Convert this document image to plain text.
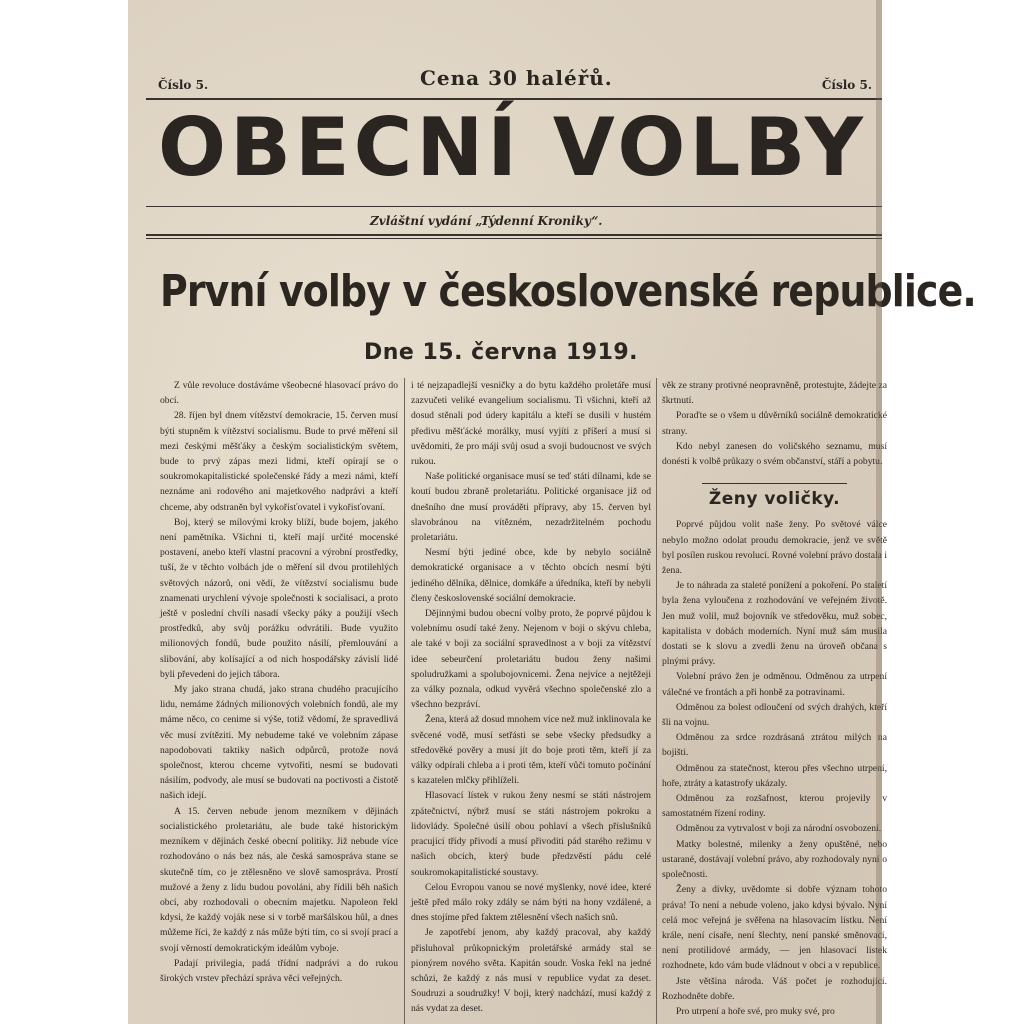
Číslo 5.	Cena 30 haléřů.	Číslo 5.
OBECNÍ VOLBY
Zvláštní vydání „Týdenní Kroniky“.
První volby v československé republice.
Dne 15. června 1919.

Z vůle revoluce dostáváme všeobecné hlasovací právo do obcí.

28. říjen byl dnem vítězství demokracie, 15. červen musí býti stupněm k vítězství socialismu. Bude to prvé měření sil mezi českými měšťáky a českým socialistickým světem, bude to prvý zápas mezi lidmi, kteří opírají se o soukromokapitalistické společenské řády a mezi námi, kteří neznáme ani rodového ani majetkového nadprávi a kteří chceme, aby odstraněn byl vykořisťovatel i vykořisťovaní.

Boj, který se mílovými kroky blíží, bude bojem, jakého není pamětníka. Všichni ti, kteří mají určité mocenské postavení, anebo kteří vlastní pracovní a výrobní prostředky, tuší, že v těchto volbách jde o měření sil dvou protilehlých světových názorů, oni vědí, že vítězství socialismu bude znamenati urychlení vývoje společnosti k socialisaci, a proto ještě v poslední chvíli nasadí všecky páky a použijí všech prostředků, aby svůj porážku odvrátili. Bude využito milionových fondů, bude použito násilí, přemlouvání a slibování, aby kolísající a od nich hospodářsky závislí lidé byli převedeni do jejich tábora.

My jako strana chudá, jako strana chudého pracujícího lidu, nemáme žádných milionových volebních fondů, ale my máme něco, co cenime si výše, totiž vědomí, že spravedlivá věc musí zvítěziti. My nebudeme také ve volebním zápase napodobovati taktiky našich odpůrců, protože nová společnost, kterou chceme vytvořiti, nesmí se budovati násilím, podvody, ale musí se budovati na poctivosti a čistotě našich idejí.

A 15. červen nebude jenom mezníkem v dějinách socialistického proletariátu, ale bude také historickým mezníkem v dějinách české obecní politiky. Již nebude více rozhodováno o nás bez nás, ale česká samospráva stane se skutečně tím, co je ztělesněno ve slově samospráva. Prostí mužové a ženy z lidu budou povoláni, aby řídili běh našich obcí, aby rozhodovali o obecním majetku. Napoleon řekl kdysi, že každý voják nese si v torbě maršálskou hůl, a dnes můžeme říci, že každý z nás může býti tím, co si svojí prací a svojí věrností demokratickým ideálům vyboje.

Padají privilegia, padá třídní nadprávi a do rukou širokých vrstev přechází správa věcí veřejných.

i té nejzapadlejší vesničky a do bytu každého proletáře musí zazvučeti veliké evangelium socialismu. Ti všichni, kteří až dosud stěnali pod údery kapitálu a kteří se dusili v hustém předivu měšťácké morálky, musí vyjíti z příšerí a musí si uvědomiti, že pro máji svůj osud a svoji budoucnost ve svých rukou.

Naše politické organisace musí se teď státi dílnami, kde se koutí budou zbraně proletariátu. Politické organisace již od dnešního dne musí prováděti přípravy, aby 15. červen byl slavobránou na vítězném, nezadržitelném pochodu proletariátu.

Nesmí býti jediné obce, kde by nebylo sociálně demokratické organisace a v těchto obcích nesmí býti jediného dělníka, dělnice, domkáře a úředníka, kteří by nebyli členy československé sociální demokracie.

Dějinnými budou obecní volby proto, že poprvé půjdou k volebnímu osudí také ženy. Nejenom v boji o skývu chleba, ale také v boji za sociální spravedlnost a v boji za vítězství idee sebeurčení proletariátu budou ženy našimi spoludružkami a spolubojovnicemi. Žena nejvíce a nejtěžeji za války poznala, odkud vyvěrá všechno společenské zlo a všechno bezpráví.

Žena, která až dosud mnohem více než muž inklinovala ke svěcené vodě, musí setřásti se sebe všecky předsudky a středověké pověry a musí jít do boje proti těm, kteří jí za války odpírali chleba a i proti těm, kteří vůči tomuto počínání s kazatelen mlčky přihlíželi.

Hlasovací lístek v rukou ženy nesmí se státi nástrojem zpátečnictví, nýbrž musí se státi nástrojem pokroku a lidovlády. Společné úsilí obou pohlaví a všech příslušníků pracující třídy přivodí a musí přivoditi pád starého režimu v našich obcích, který bude předzvěstí pádu celé soukromokapitalistické soustavy.

Celou Evropou vanou se nové myšlenky, nové idee, které ještě před málo roky zdály se nám býti na hony vzdálené, a dnes stojíme před faktem ztělesnění všech našich snů.

Je zapotřebí jenom, aby každý pracoval, aby každý přisluhoval průkopnickým proletářské armády stal se pionýrem nového světa. Kapitán soudr. Voska řekl na jedné schůzi, že každý z nás musí v republice vydat za deset. Soudruzi a soudružky! V boji, který nadchází, musí každý z nás vydat za deset.

věk ze strany protivné neopravněně, protestujte, žádejte za škrtnutí.

Poraďte se o všem u důvěrníků sociálně demokratické strany.

Kdo nebyl zanesen do voličského seznamu, musí donésti k volbě průkazy o svém občanství, stáří a pobytu.

Ženy voličky.

Poprvé půjdou volit naše ženy. Po světové válce nebylo možno odolat proudu demokracie, jenž ve světě byl posílen ruskou revolucí. Rovné volební právo dostala i žena.

Je to náhrada za staleté ponížení a pokoření. Po staletí byla žena vyloučena z rozhodování ve veřejném životě. Jen muž volil, muž bojovník ve středověku, muž sobec, kapitalista v dobách moderních. Nyní muž sám musila dostati se k slovu a zvedli ženu na úroveň občana s plnými právy.

Volební právo žen je odměnou. Odměnou za utrpení válečné ve frontách a při honbě za potravinami.

Odměnou za bolest odloučení od svých drahých, kteří šli na vojnu.

Odměnou za srdce rozdrásaná ztrátou milých na bojišti.

Odměnou za statečnost, kterou přes všechno utrpení, hoře, ztráty a katastrofy ukázaly.

Odměnou za rozšafnost, kterou projevily v samostatném řízení rodiny.

Odměnou za vytrvalost v boji za národní osvobození.

Matky bolestné, milenky a ženy opuštěné, nebo ustarané, dostávají volební právo, aby rozhodovaly nyní o společnosti.

Ženy a dívky, uvědomte si dobře význam tohoto práva! To není a nebude voleno, jako kdysi bývalo. Nyní celá moc veřejná je svěřena na hlasovacím lístku. Není krále, není císaře, není šlechty, není panské směnovací, není protilidové armády, — jen hlasovací lístek rozhodnete, kdo vám bude vládnout v obci a v republice.

Jste většina národa. Váš počet je rozhodující. Rozhodněte dobře.

Pro utrpení a hoře své, pro muky své, pro
